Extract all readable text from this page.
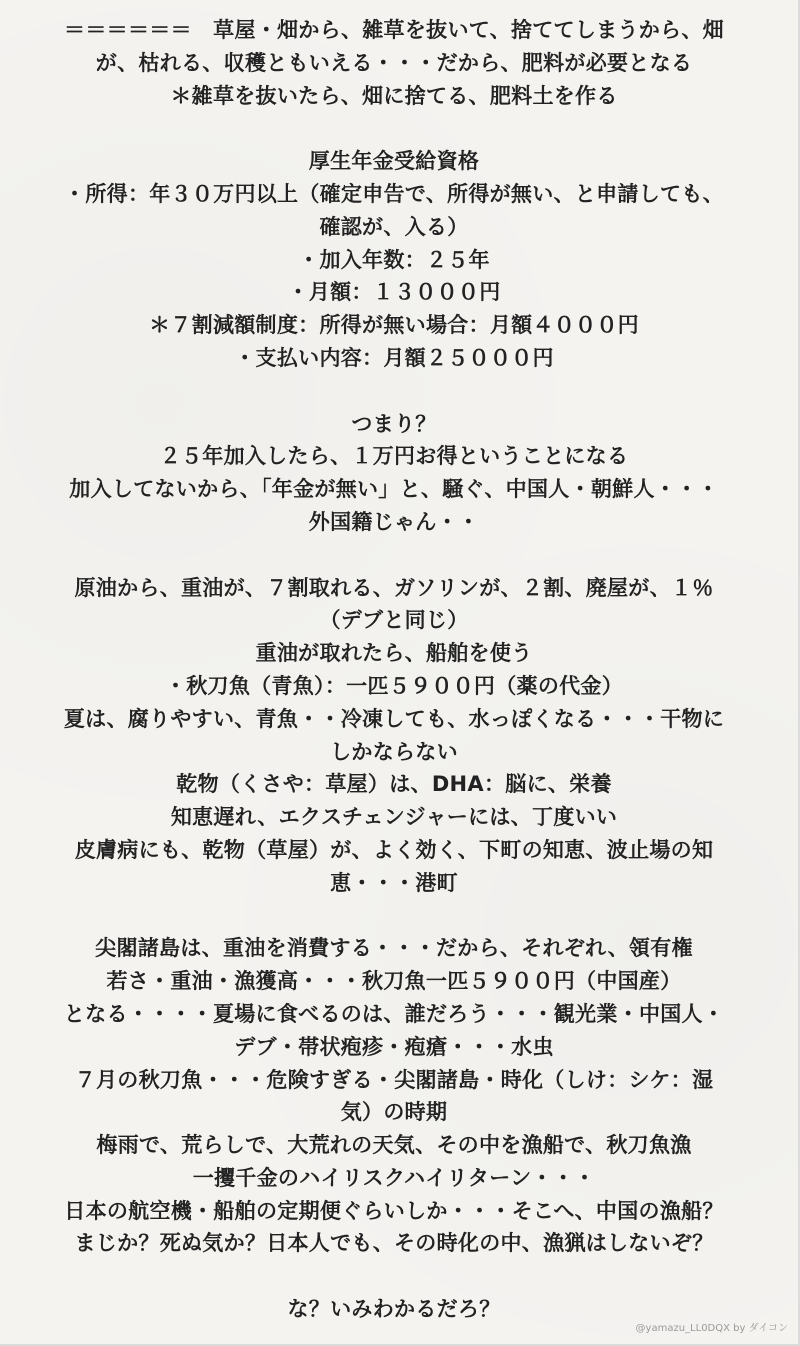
＝＝＝＝＝＝　草屋・畑から、雑草を抜いて、捨ててしまうから、畑
が、枯れる、収穫ともいえる・・・だから、肥料が必要となる
＊雑草を抜いたら、畑に捨てる、肥料土を作る
厚生年金受給資格
・所得：年３０万円以上（確定申告で、所得が無い、と申請しても、
確認が、入る）
・加入年数：２５年
・月額：１３０００円
＊７割減額制度：所得が無い場合：月額４０００円
・支払い内容：月額２５０００円
つまり？
２５年加入したら、１万円お得ということになる
加入してないから、「年金が無い」と、騒ぐ、中国人・朝鮮人・・・
外国籍じゃん・・
原油から、重油が、７割取れる、ガソリンが、２割、廃屋が、１％
（デブと同じ）
重油が取れたら、船舶を使う
・秋刀魚（青魚）：一匹５９００円（薬の代金）
夏は、腐りやすい、青魚・・冷凍しても、水っぽくなる・・・干物に
しかならない
乾物（くさや：草屋）は、DHA：脳に、栄養
知恵遅れ、エクスチェンジャーには、丁度いい
皮膚病にも、乾物（草屋）が、よく効く、下町の知恵、波止場の知
恵・・・港町
尖閣諸島は、重油を消費する・・・だから、それぞれ、領有権
若さ・重油・漁獲高・・・秋刀魚一匹５９００円（中国産）
となる・・・・夏場に食べるのは、誰だろう・・・観光業・中国人・
デブ・帯状疱疹・疱瘡・・・水虫
７月の秋刀魚・・・危険すぎる・尖閣諸島・時化（しけ：シケ：湿
気）の時期
梅雨で、荒らしで、大荒れの天気、その中を漁船で、秋刀魚漁
一攫千金のハイリスクハイリターン・・・
日本の航空機・船舶の定期便ぐらいしか・・・そこへ、中国の漁船？
まじか？死ぬ気か？日本人でも、その時化の中、漁猟はしないぞ？
な？いみわかるだろ？
@yamazu_LL0DQX by ダイコン
